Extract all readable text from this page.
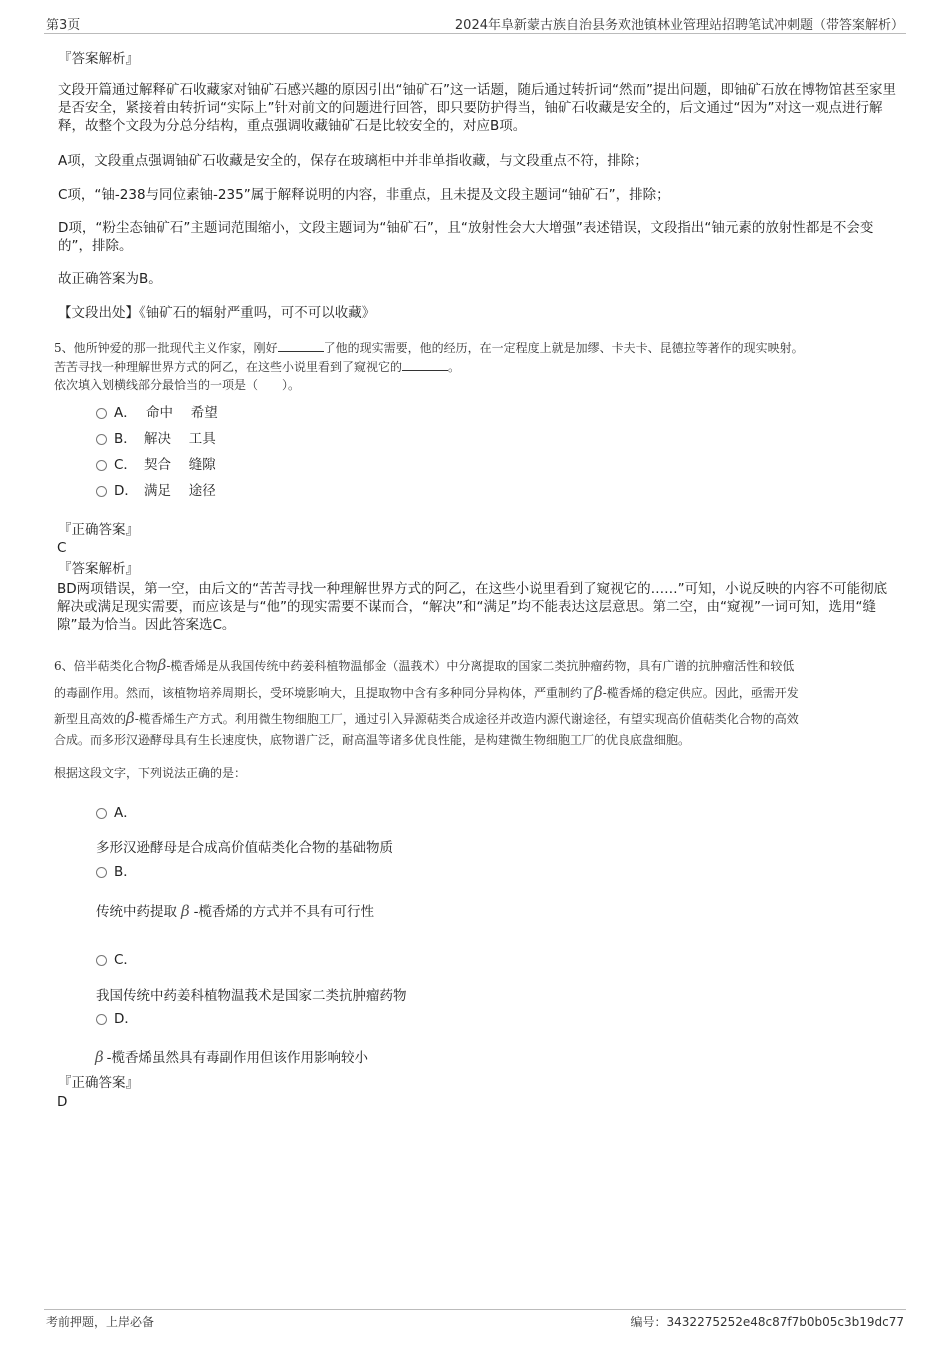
第3页	2024年阜新蒙古族自治县务欢池镇林业管理站招聘笔试冲刺题（带答案解析）
『答案解析』
文段开篇通过解释矿石收藏家对铀矿石感兴趣的原因引出“铀矿石”这一话题，随后通过转折词“然而”提出问题，即铀矿石放在博物馆甚至家里是否安全，紧接着由转折词“实际上”针对前文的问题进行回答，即只要防护得当，铀矿石收藏是安全的，后文通过“因为”对这一观点进行解释，故整个文段为分总分结构，重点强调收藏铀矿石是比较安全的，对应B项。
A项，文段重点强调铀矿石收藏是安全的，保存在玻璃柜中并非单指收藏，与文段重点不符，排除；
C项，“铀-238与同位素铀-235”属于解释说明的内容，非重点，且未提及文段主题词“铀矿石”，排除；
D项，“粉尘态铀矿石”主题词范围缩小，文段主题词为“铀矿石”，且“放射性会大大增强”表述错误，文段指出“铀元素的放射性都是不会变的”，排除。
故正确答案为B。
【文段出处】《铀矿石的辐射严重吗，可不可以收藏》
5、他所钟爱的那一批现代主义作家，刚好	了他的现实需要，他的经历，在一定程度上就是加缪、卡夫卡、昆德拉等著作的现实映射。
苦苦寻找一种理解世界方式的阿乙，在这些小说里看到了窥视它的	。
依次填入划横线部分最恰当的一项是（　　）。
A． 命中　 希望
B． 解决　 工具
C． 契合　 缝隙
D． 满足　 途径
『正确答案』
C
『答案解析』
BD两项错误，第一空，由后文的“苦苦寻找一种理解世界方式的阿乙，在这些小说里看到了窥视它的……”可知，小说反映的内容不可能彻底解决或满足现实需要，而应该是与“他”的现实需要不谋而合，“解决”和“满足”均不能表达这层意思。第二空，由“窥视”一词可知，选用“缝隙”最为恰当。因此答案选C。
6、倍半萜类化合物β-榄香烯是从我国传统中药姜科植物温郁金（温莪术）中分离提取的国家二类抗肿瘤药物，具有广谱的抗肿瘤活性和较低
的毒副作用。然而，该植物培养周期长，受环境影响大，且提取物中含有多种同分异构体，严重制约了β-榄香烯的稳定供应。因此，亟需开发
新型且高效的β-榄香烯生产方式。利用微生物细胞工厂，通过引入异源萜类合成途径并改造内源代谢途径，有望实现高价值萜类化合物的高效
合成。而多形汉逊酵母具有生长速度快，底物谱广泛，耐高温等诸多优良性能，是构建微生物细胞工厂的优良底盘细胞。
根据这段文字，下列说法正确的是：
A．
多形汉逊酵母是合成高价值萜类化合物的基础物质
B．
传统中药提取 β -榄香烯的方式并不具有可行性
C．
我国传统中药姜科植物温莪术是国家二类抗肿瘤药物
D．
β -榄香烯虽然具有毒副作用但该作用影响较小
『正确答案』
D
考前押题，上岸必备	编号：3432275252e48c87f7b0b05c3b19dc77
